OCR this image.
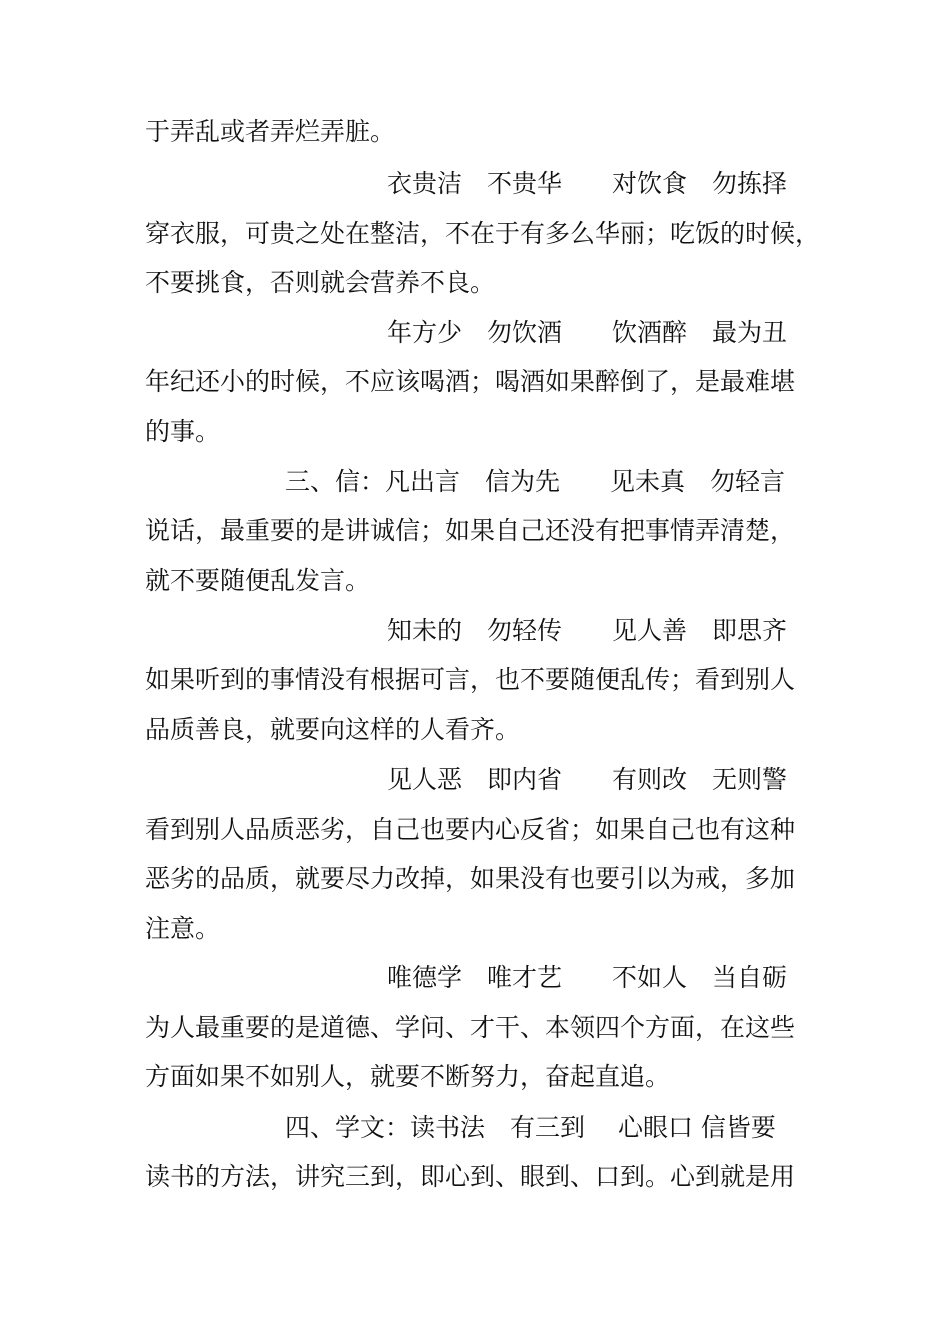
于弄乱或者弄烂弄脏。
衣贵洁　不贵华　　对饮食　勿拣择
穿衣服，可贵之处在整洁，不在于有多么华丽；吃饭的时候，
不要挑食，否则就会营养不良。
年方少　勿饮酒　　饮酒醉　最为丑
年纪还小的时候，不应该喝酒；喝酒如果醉倒了，是最难堪
的事。
三、信：凡出言　信为先　　见未真　勿轻言
说话，最重要的是讲诚信；如果自己还没有把事情弄清楚，
就不要随便乱发言。
知未的　勿轻传　　见人善　即思齐
如果听到的事情没有根据可言，也不要随便乱传；看到别人
品质善良，就要向这样的人看齐。
见人恶　即内省　　有则改　无则警
看到别人品质恶劣，自己也要内心反省；如果自己也有这种
恶劣的品质，就要尽力改掉，如果没有也要引以为戒，多加
注意。
唯德学　唯才艺　　不如人　当自砺
为人最重要的是道德、学问、才干、本领四个方面，在这些
方面如果不如别人，就要不断努力，奋起直追。
四、学文：读书法　有三到　 心眼口 信皆要
读书的方法，讲究三到，即心到、眼到、口到。心到就是用
